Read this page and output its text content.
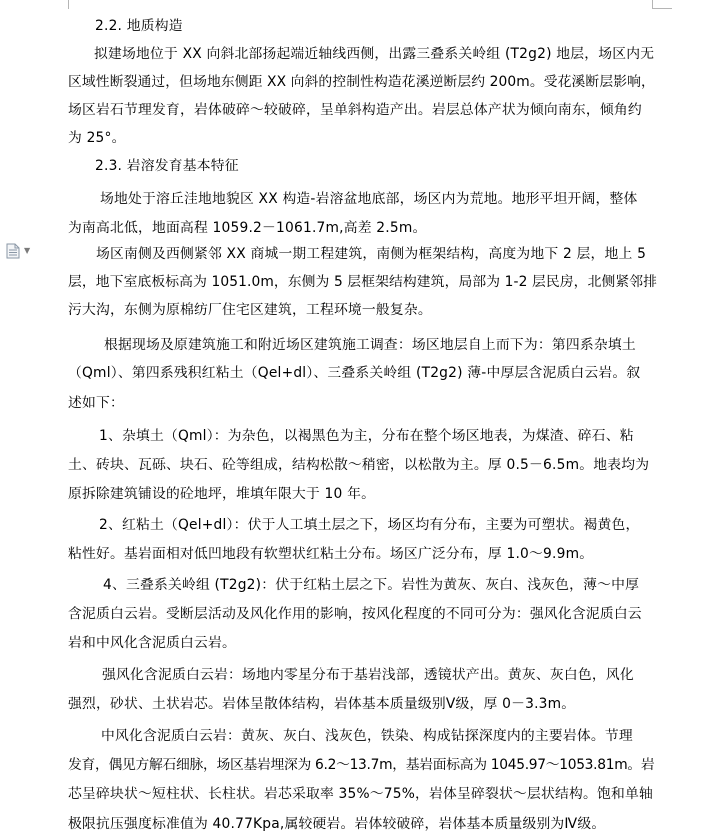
▼
2.2. 地质构造
拟建场地位于 XX 向斜北部扬起端近轴线西侧，出露三叠系关岭组 (T2g2) 地层，场区内无
区域性断裂通过，但场地东侧距 XX 向斜的控制性构造花溪逆断层约 200m。受花溪断层影响，
场区岩石节理发育，岩体破碎～较破碎，呈单斜构造产出。岩层总体产状为倾向南东，倾角约
为 25°。
2.3. 岩溶发育基本特征
场地处于溶丘洼地地貌区 XX 构造-岩溶盆地底部，场区内为荒地。地形平坦开阔，整体
为南高北低，地面高程 1059.2－1061.7m,高差 2.5m。
场区南侧及西侧紧邻 XX 商城一期工程建筑，南侧为框架结构，高度为地下 2 层，地上 5
层，地下室底板标高为 1051.0m，东侧为 5 层框架结构建筑，局部为 1-2 层民房，北侧紧邻排
污大沟，东侧为原棉纺厂住宅区建筑，工程环境一般复杂。
根据现场及原建筑施工和附近场区建筑施工调查：场区地层自上而下为：第四系杂填土
（Qml）、第四系残积红粘土（Qel+dl）、三叠系关岭组 (T2g2) 薄-中厚层含泥质白云岩。叙
述如下：
1、杂填土（Qml）：为杂色，以褐黑色为主，分布在整个场区地表，为煤渣、碎石、粘
土、砖块、瓦砾、块石、砼等组成，结构松散～稍密，以松散为主。厚 0.5－6.5m。地表均为
原拆除建筑铺设的砼地坪，堆填年限大于 10 年。
2、红粘土（Qel+dl）：伏于人工填土层之下，场区均有分布，主要为可塑状。褐黄色，
粘性好。基岩面相对低凹地段有软塑状红粘土分布。场区广泛分布，厚 1.0～9.9m。
4、三叠系关岭组 (T2g2)：伏于红粘土层之下。岩性为黄灰、灰白、浅灰色，薄～中厚
含泥质白云岩。受断层活动及风化作用的影响，按风化程度的不同可分为：强风化含泥质白云
岩和中风化含泥质白云岩。
强风化含泥质白云岩：场地内零星分布于基岩浅部，透镜状产出。黄灰、灰白色，风化
强烈，砂状、土状岩芯。岩体呈散体结构，岩体基本质量级别Ⅴ级，厚 0－3.3m。
中风化含泥质白云岩：黄灰、灰白、浅灰色，铁染、构成钻探深度内的主要岩体。节理
发育，偶见方解石细脉，场区基岩埋深为 6.2～13.7m，基岩面标高为 1045.97～1053.81m。岩
芯呈碎块状～短柱状、长柱状。岩芯采取率 35%～75%，岩体呈碎裂状～层状结构。饱和单轴
极限抗压强度标准值为 40.77Kpa,属较硬岩。岩体较破碎，岩体基本质量级别为Ⅳ级。
